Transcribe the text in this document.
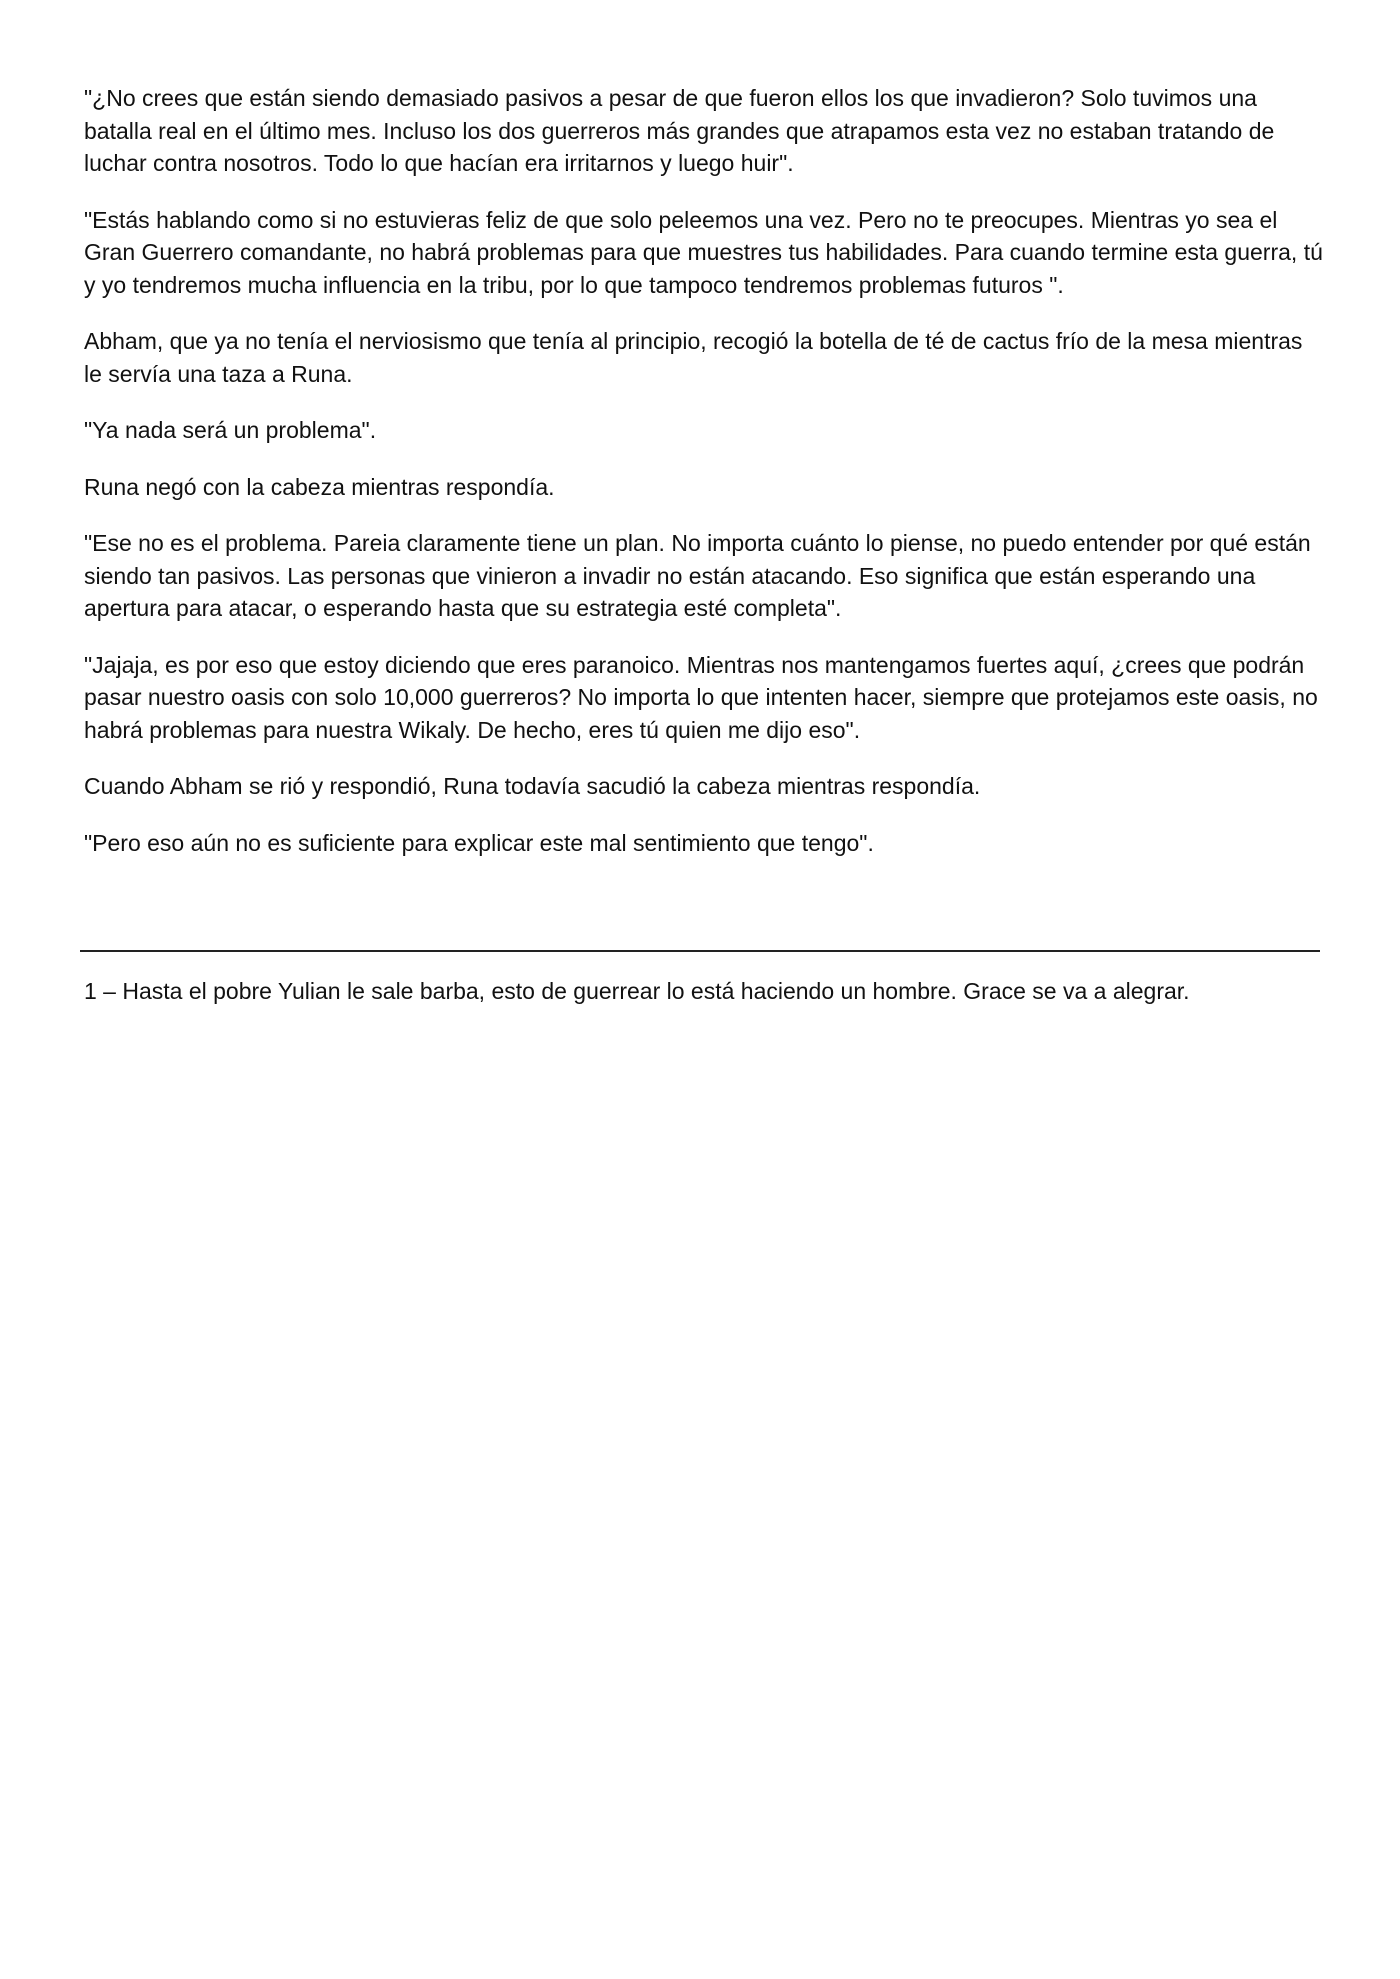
"¿No crees que están siendo demasiado pasivos a pesar de que fueron ellos los que invadieron? Solo tuvimos una batalla real en el último mes. Incluso los dos guerreros más grandes que atrapamos esta vez no estaban tratando de luchar contra nosotros. Todo lo que hacían era irritarnos y luego huir".

"Estás hablando como si no estuvieras feliz de que solo peleemos una vez. Pero no te preocupes. Mientras yo sea el Gran Guerrero comandante, no habrá problemas para que muestres tus habilidades. Para cuando termine esta guerra, tú y yo tendremos mucha influencia en la tribu, por lo que tampoco tendremos problemas futuros ".

Abham, que ya no tenía el nerviosismo que tenía al principio, recogió la botella de té de cactus frío de la mesa mientras le servía una taza a Runa.

"Ya nada será un problema".

Runa negó con la cabeza mientras respondía.

"Ese no es el problema. Pareia claramente tiene un plan. No importa cuánto lo piense, no puedo entender por qué están siendo tan pasivos. Las personas que vinieron a invadir no están atacando. Eso significa que están esperando una apertura para atacar, o esperando hasta que su estrategia esté completa".

"Jajaja, es por eso que estoy diciendo que eres paranoico. Mientras nos mantengamos fuertes aquí, ¿crees que podrán pasar nuestro oasis con solo 10,000 guerreros? No importa lo que intenten hacer, siempre que protejamos este oasis, no habrá problemas para nuestra Wikaly. De hecho, eres tú quien me dijo eso".

Cuando Abham se rió y respondió, Runa todavía sacudió la cabeza mientras respondía.

"Pero eso aún no es suficiente para explicar este mal sentimiento que tengo".

1 – Hasta el pobre Yulian le sale barba, esto de guerrear lo está haciendo un hombre. Grace se va a alegrar.
